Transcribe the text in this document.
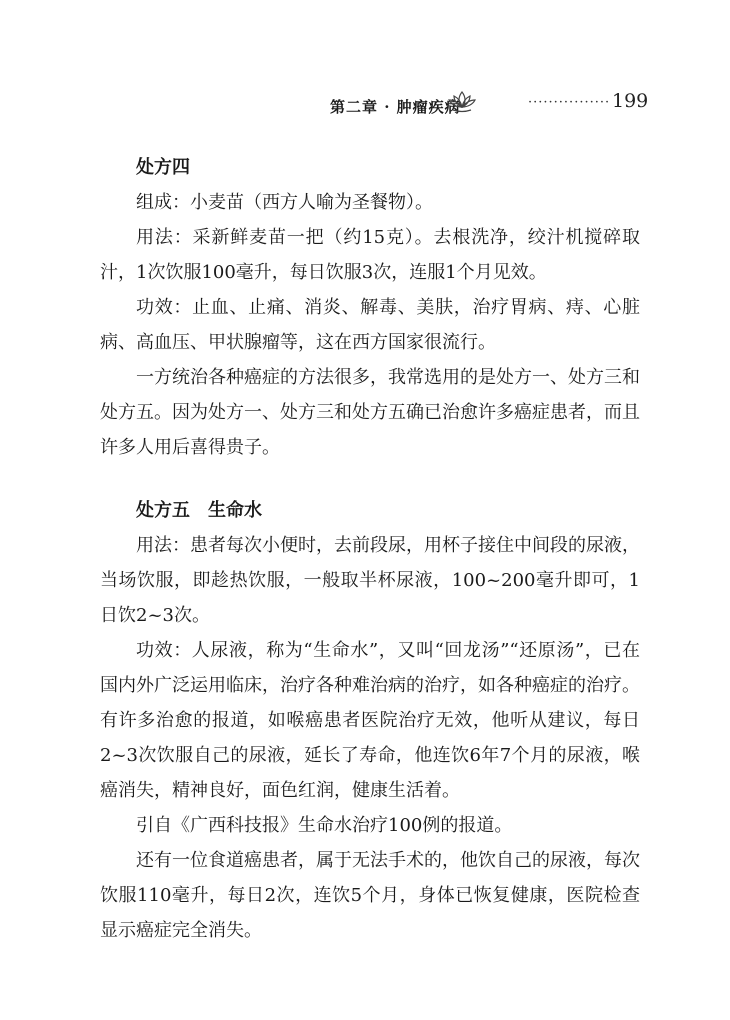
第二章 · 肿瘤疾病	················ 199

处方四

组成：小麦苗（西方人喻为圣餐物）。

用法：采新鲜麦苗一把（约15克）。去根洗净，绞汁机搅碎取汁，1次饮服100毫升，每日饮服3次，连服1个月见效。

功效：止血、止痛、消炎、解毒、美肤，治疗胃病、痔、心脏病、高血压、甲状腺瘤等，这在西方国家很流行。

一方统治各种癌症的方法很多，我常选用的是处方一、处方三和处方五。因为处方一、处方三和处方五确已治愈许多癌症患者，而且许多人用后喜得贵子。

处方五　生命水

用法：患者每次小便时，去前段尿，用杯子接住中间段的尿液，当场饮服，即趁热饮服，一般取半杯尿液，100~200毫升即可，1日饮2~3次。

功效：人尿液，称为“生命水”，又叫“回龙汤”“还原汤”，已在国内外广泛运用临床，治疗各种难治病的治疗，如各种癌症的治疗。有许多治愈的报道，如喉癌患者医院治疗无效，他听从建议，每日2~3次饮服自己的尿液，延长了寿命，他连饮6年7个月的尿液，喉癌消失，精神良好，面色红润，健康生活着。

引自《广西科技报》生命水治疗100例的报道。

还有一位食道癌患者，属于无法手术的，他饮自己的尿液，每次饮服110毫升，每日2次，连饮5个月，身体已恢复健康，医院检查显示癌症完全消失。
